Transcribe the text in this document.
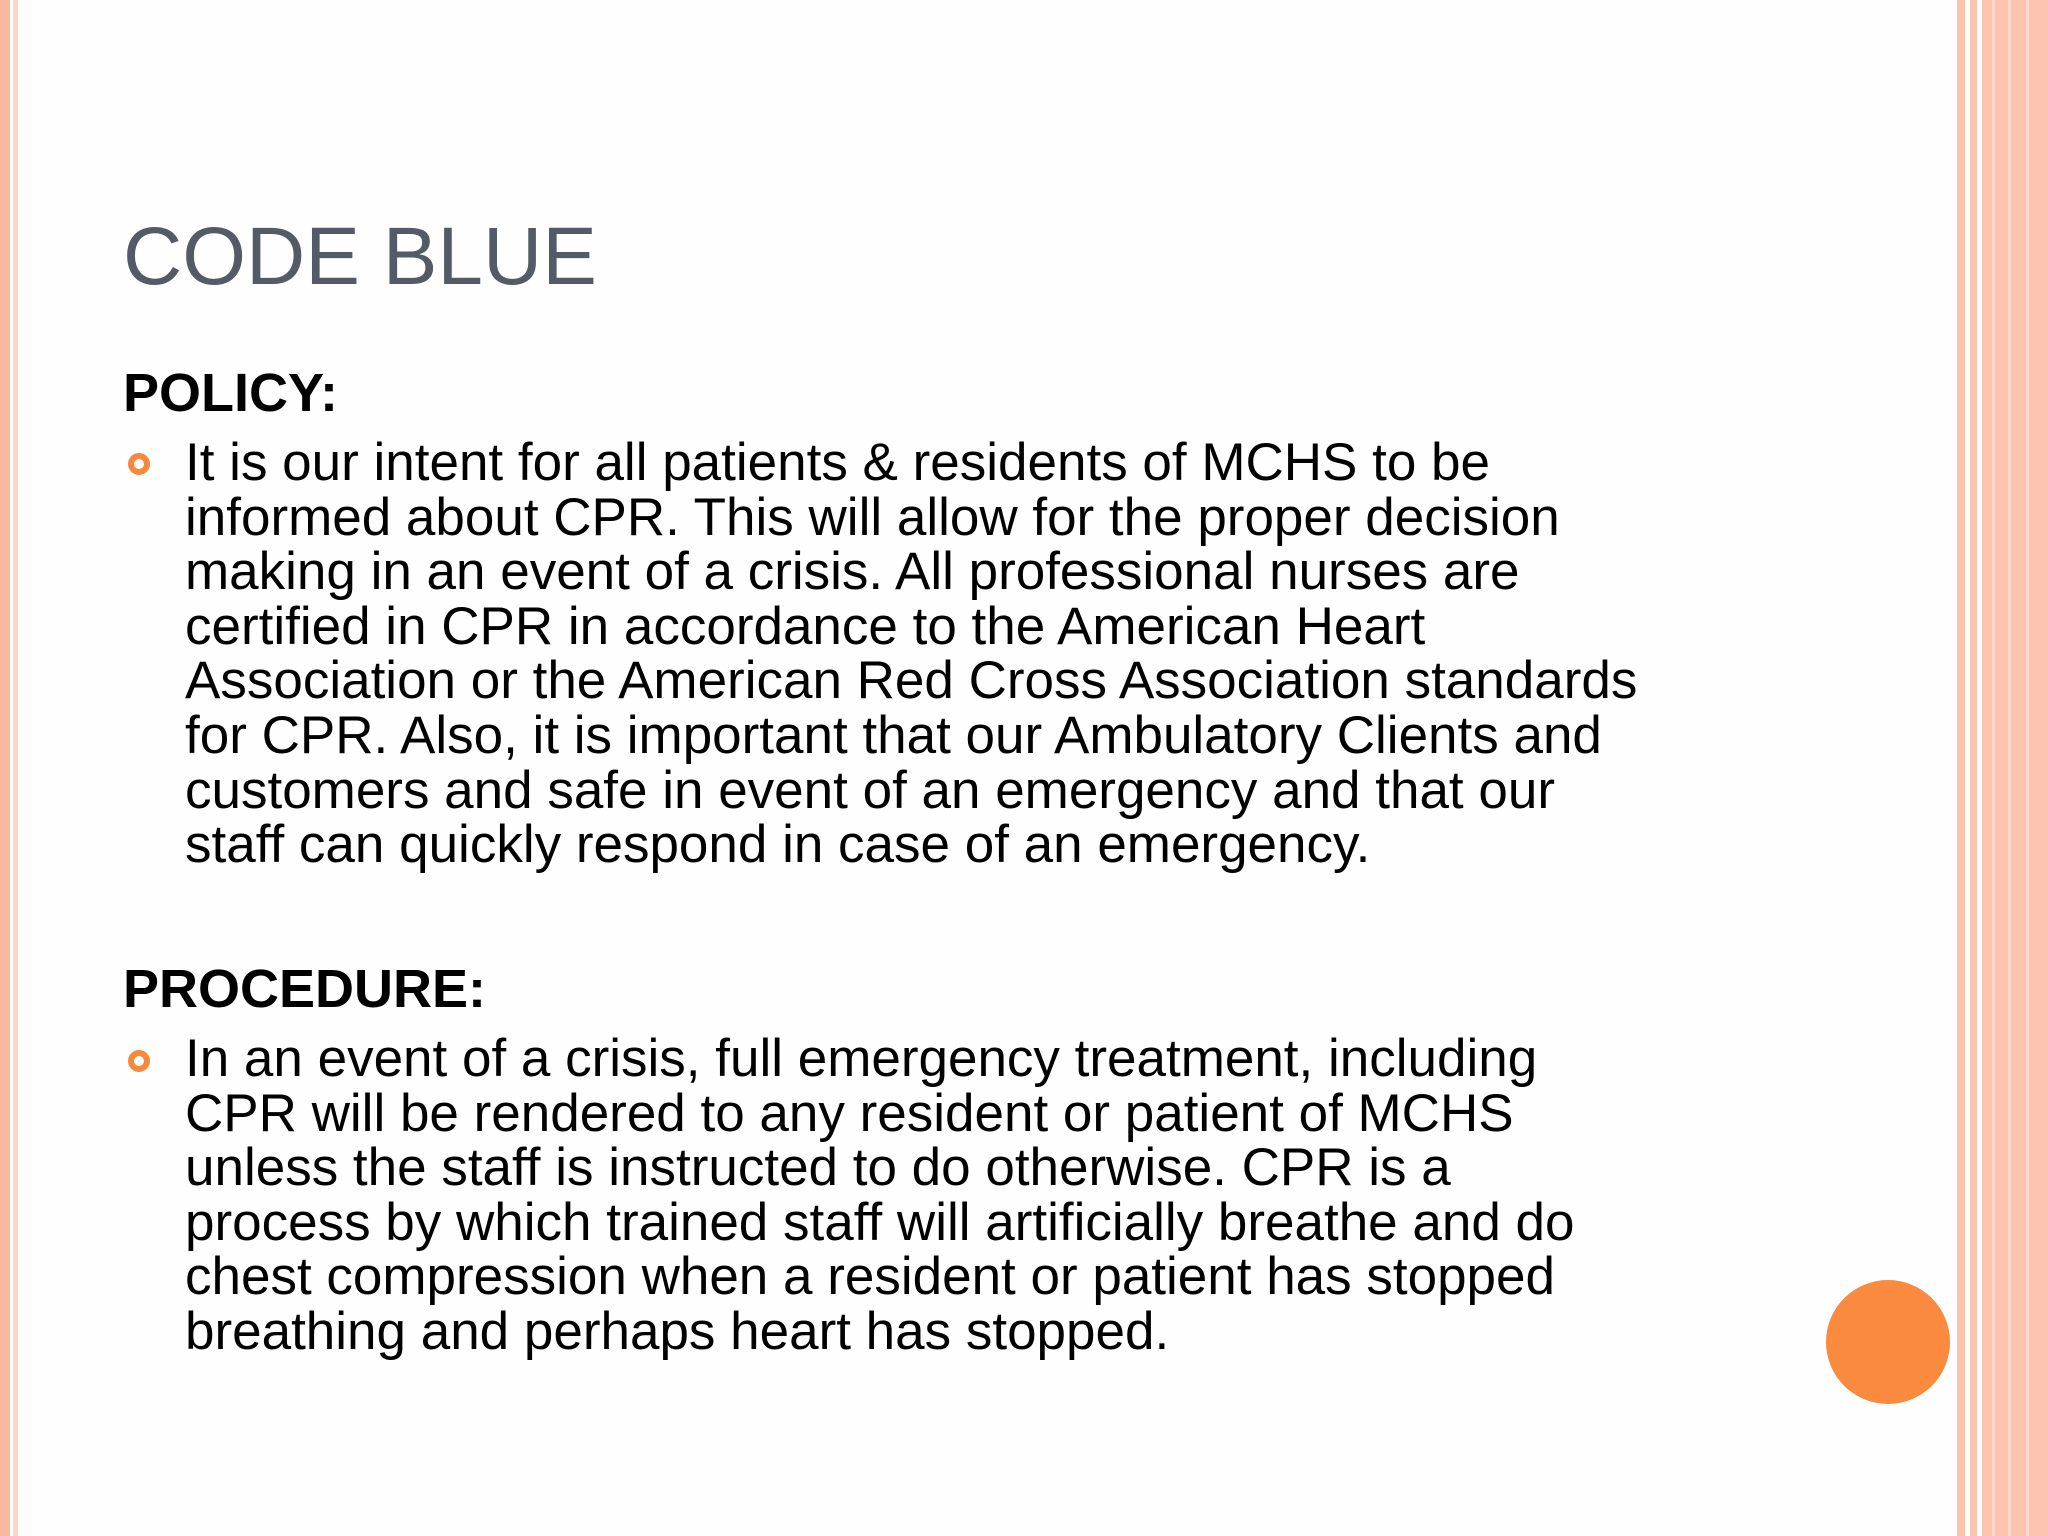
CODE BLUE
POLICY:
It is our intent for all patients & residents of MCHS to be
informed about CPR. This will allow for the proper decision
making in an event of a crisis. All professional nurses are
certified in CPR in accordance to the American Heart
Association or the American Red Cross Association standards
for CPR. Also, it is important that our Ambulatory Clients and
customers and safe in event of an emergency and that our
staff can quickly respond in case of an emergency.
PROCEDURE:
In an event of a crisis, full emergency treatment, including
CPR will be rendered to any resident or patient of MCHS
unless the staff is instructed to do otherwise. CPR is a
process by which trained staff will artificially breathe and do
chest compression when a resident or patient has stopped
breathing and perhaps heart has stopped.
